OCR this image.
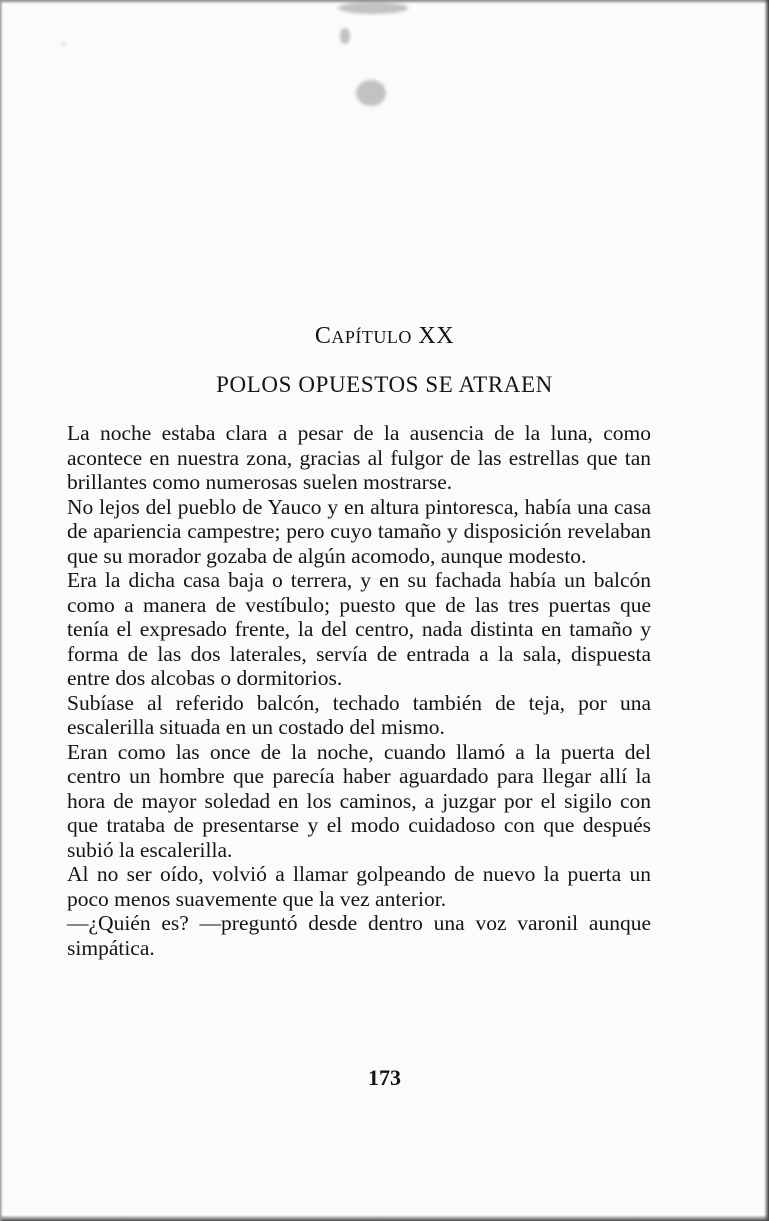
CAPÍTULO XX
POLOS OPUESTOS SE ATRAEN

La noche estaba clara a pesar de la ausencia de la luna, como acontece en nuestra zona, gracias al fulgor de las estrellas que tan brillantes como numerosas suelen mostrarse.

No lejos del pueblo de Yauco y en altura pintoresca, había una casa de apariencia campestre; pero cuyo tamaño y disposición revelaban que su morador gozaba de algún acomodo, aunque modesto.

Era la dicha casa baja o terrera, y en su fachada había un balcón como a manera de vestíbulo; puesto que de las tres puertas que tenía el expresado frente, la del centro, nada distinta en tamaño y forma de las dos laterales, servía de entrada a la sala, dispuesta entre dos alcobas o dormitorios.

Subíase al referido balcón, techado también de teja, por una escalerilla situada en un costado del mismo.

Eran como las once de la noche, cuando llamó a la puerta del centro un hombre que parecía haber aguardado para llegar allí la hora de mayor soledad en los caminos, a juzgar por el sigilo con que trataba de presentarse y el modo cuidadoso con que después subió la escalerilla.

Al no ser oído, volvió a llamar golpeando de nuevo la puerta un poco menos suavemente que la vez anterior.

—¿Quién es? —preguntó desde dentro una voz varonil aunque simpática.

173
